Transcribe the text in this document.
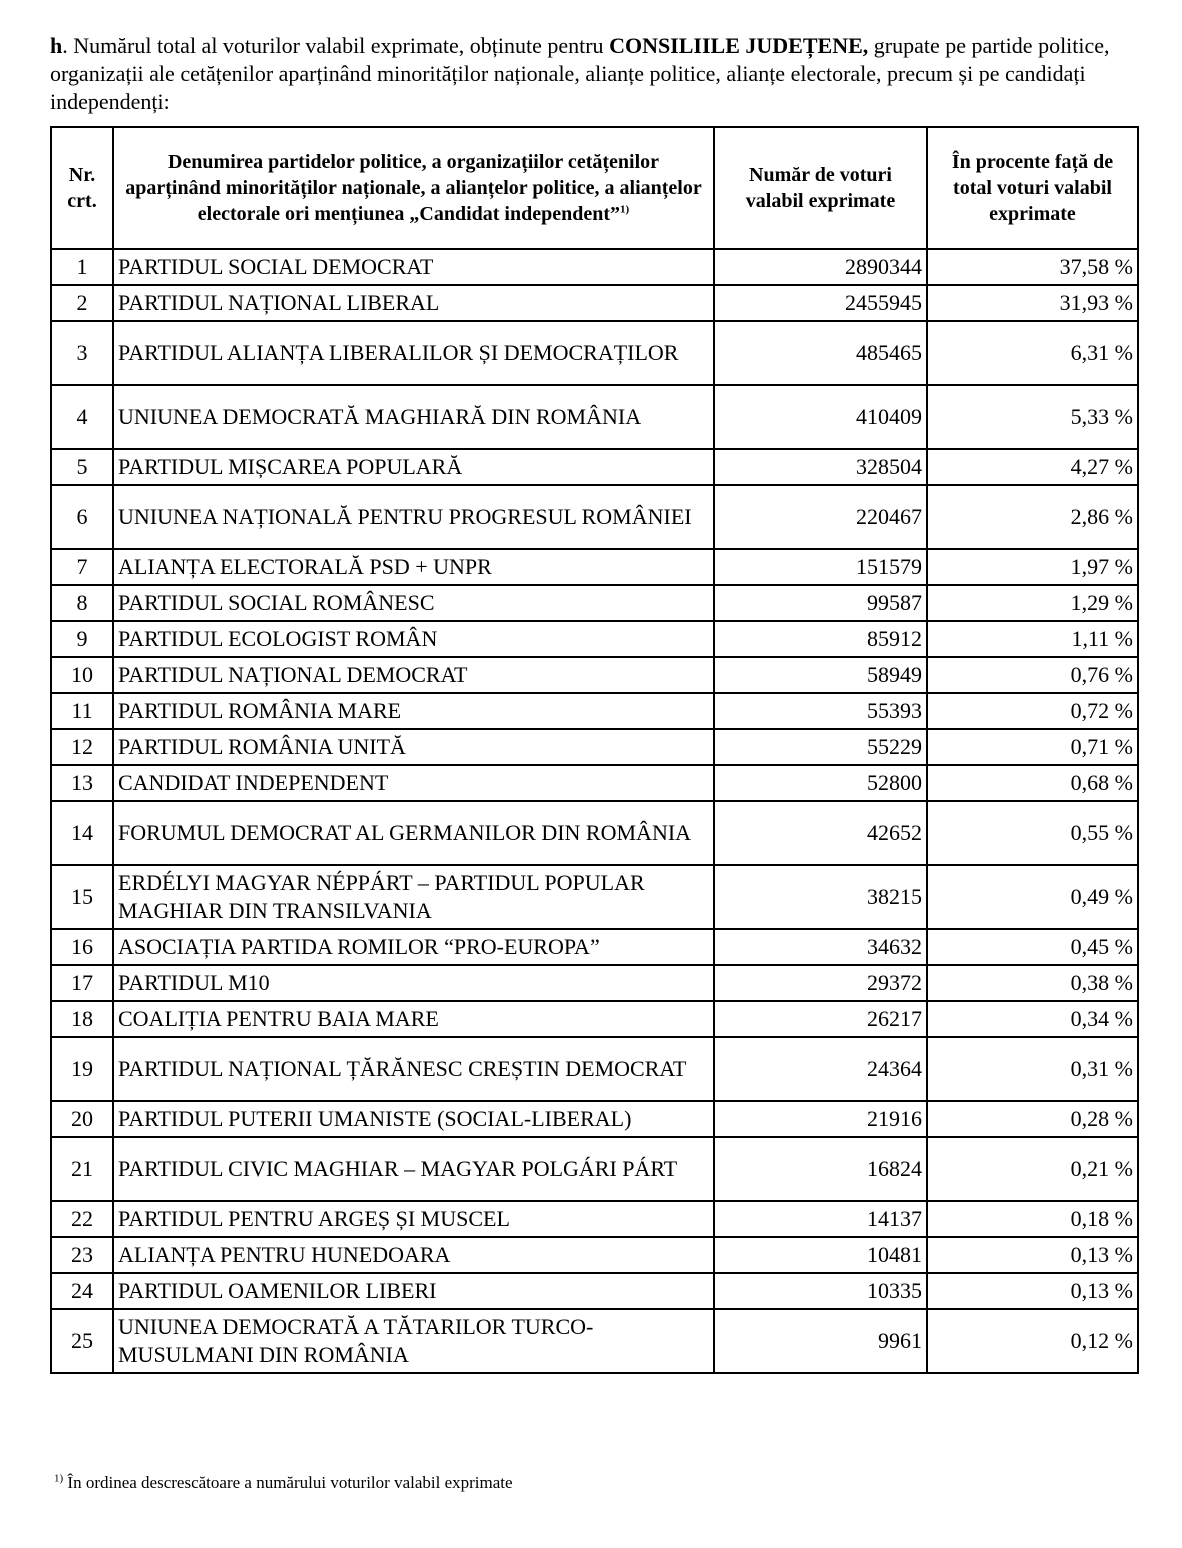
h. Numărul total al voturilor valabil exprimate, obținute pentru CONSILIILE JUDEȚENE, grupate pe partide politice, organizații ale cetățenilor aparținând minorităților naționale, alianțe politice, alianțe electorale, precum și pe candidați independenți:
Nr. crt.	Denumirea partidelor politice, a organizațiilor cetățenilor aparținând minorităților naționale, a alianțelor politice, a alianțelor electorale ori mențiunea „Candidat independent”$^{1)}$	Număr de voturi valabil exprimate	În procente față de total voturi valabil exprimate
1	PARTIDUL SOCIAL DEMOCRAT	2890344	37,58 %
2	PARTIDUL NAȚIONAL LIBERAL	2455945	31,93 %
3	PARTIDUL ALIANȚA LIBERALILOR ȘI DEMOCRAȚILOR	485465	6,31 %
4	UNIUNEA DEMOCRATĂ MAGHIARĂ DIN ROMÂNIA	410409	5,33 %
5	PARTIDUL MIȘCAREA POPULARĂ	328504	4,27 %
6	UNIUNEA NAȚIONALĂ PENTRU PROGRESUL ROMÂNIEI	220467	2,86 %
7	ALIANȚA ELECTORALĂ PSD + UNPR	151579	1,97 %
8	PARTIDUL SOCIAL ROMÂNESC	99587	1,29 %
9	PARTIDUL ECOLOGIST ROMÂN	85912	1,11 %
10	PARTIDUL NAȚIONAL DEMOCRAT	58949	0,76 %
11	PARTIDUL ROMÂNIA MARE	55393	0,72 %
12	PARTIDUL ROMÂNIA UNITĂ	55229	0,71 %
13	CANDIDAT INDEPENDENT	52800	0,68 %
14	FORUMUL DEMOCRAT AL GERMANILOR DIN ROMÂNIA	42652	0,55 %
15	ERDÉLYI MAGYAR NÉPPÁRT – PARTIDUL POPULAR MAGHIAR DIN TRANSILVANIA	38215	0,49 %
16	ASOCIAȚIA PARTIDA ROMILOR “PRO-EUROPA”	34632	0,45 %
17	PARTIDUL M10	29372	0,38 %
18	COALIȚIA PENTRU BAIA MARE	26217	0,34 %
19	PARTIDUL NAȚIONAL ȚĂRĂNESC CREȘTIN DEMOCRAT	24364	0,31 %
20	PARTIDUL PUTERII UMANISTE (SOCIAL-LIBERAL)	21916	0,28 %
21	PARTIDUL CIVIC MAGHIAR – MAGYAR POLGÁRI PÁRT	16824	0,21 %
22	PARTIDUL PENTRU ARGEȘ ȘI MUSCEL	14137	0,18 %
23	ALIANȚA PENTRU HUNEDOARA	10481	0,13 %
24	PARTIDUL OAMENILOR LIBERI	10335	0,13 %
25	UNIUNEA DEMOCRATĂ A TĂTARILOR TURCO-MUSULMANI DIN ROMÂNIA	9961	0,12 %
$^{1)}$ În ordinea descrescătoare a numărului voturilor valabil exprimate
